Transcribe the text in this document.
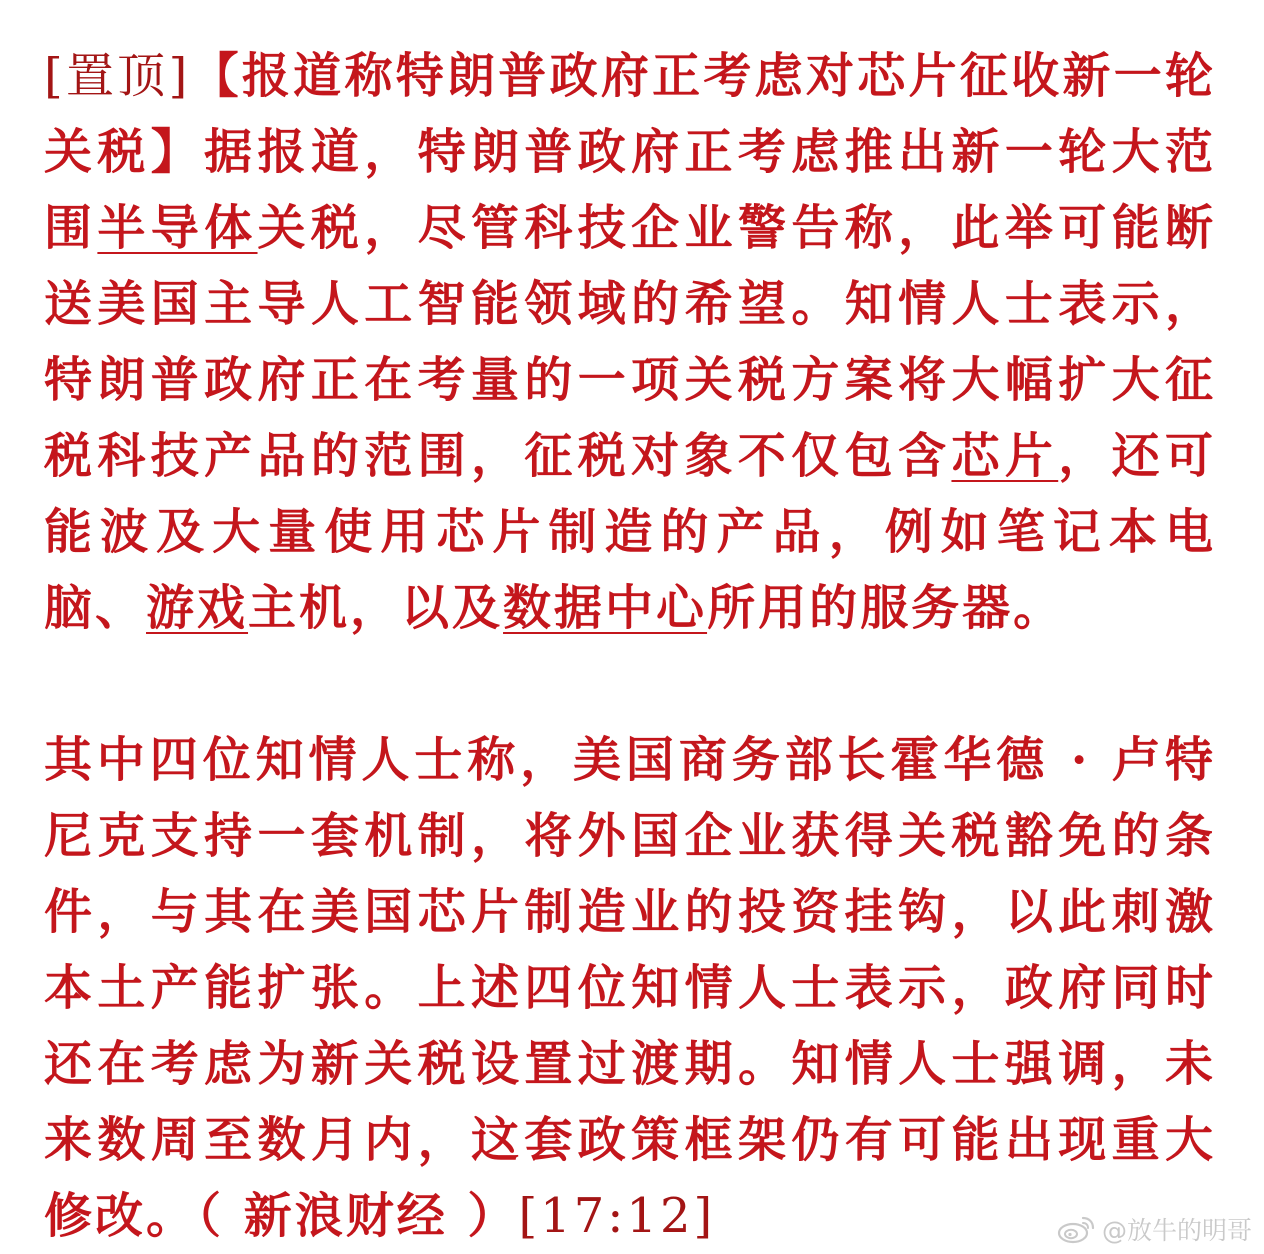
[置顶]【报道称特朗普政府正考虑对芯片征收新一轮关税】据报道，特朗普政府正考虑推出新一轮大范围半导体关税，尽管科技企业警告称，此举可能断送美国主导人工智能领域的希望。知情人士表示，特朗普政府正在考量的一项关税方案将大幅扩大征税科技产品的范围，征税对象不仅包含芯片，还可能波及大量使用芯片制造的产品，例如笔记本电脑、游戏主机，以及数据中心所用的服务器。

其中四位知情人士称，美国商务部长霍华德 · 卢特尼克支持一套机制，将外国企业获得关税豁免的条件，与其在美国芯片制造业的投资挂钩，以此刺激本土产能扩张。上述四位知情人士表示，政府同时还在考虑为新关税设置过渡期。知情人士强调，未来数周至数月内，这套政策框架仍有可能出现重大修改。（ 新浪财经 ）[17:12]	@放牛的明哥
